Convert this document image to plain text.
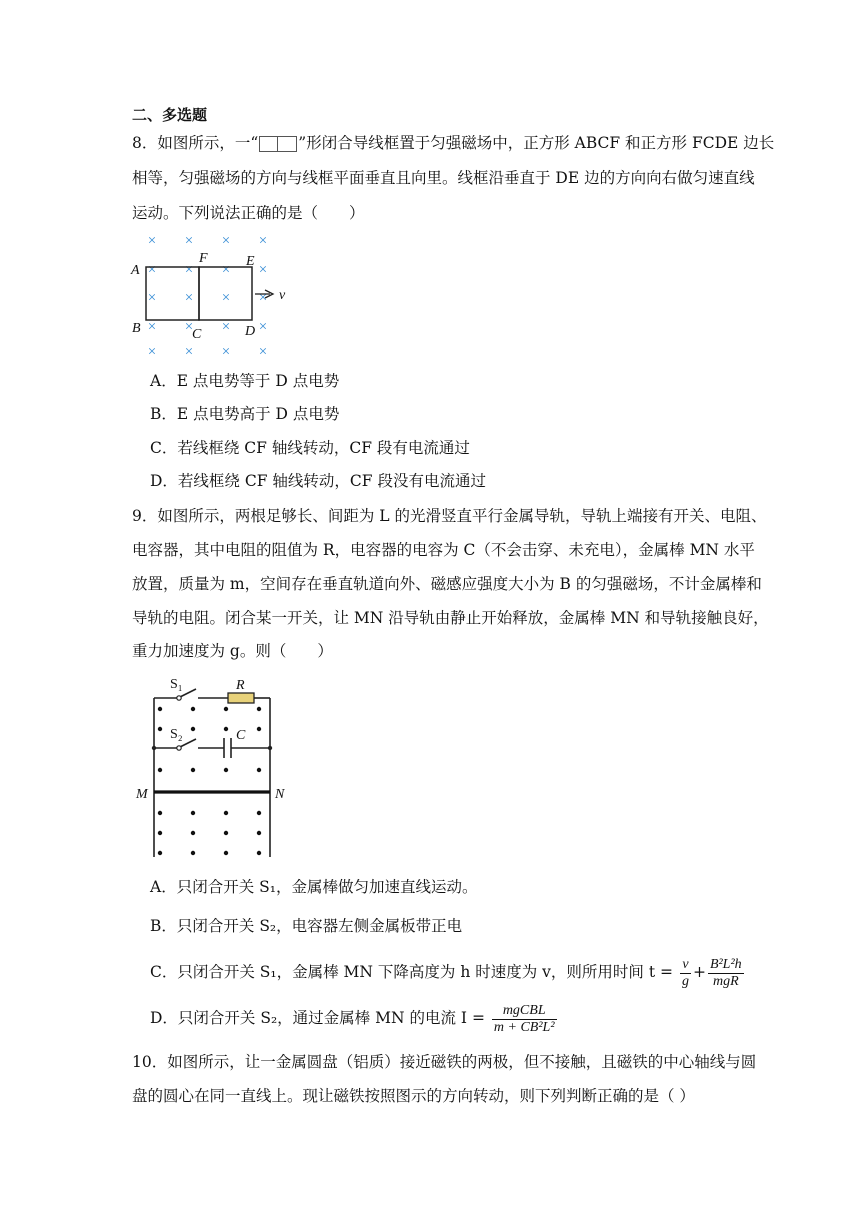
二、多选题
8．如图所示，一“	”形闭合导线框置于匀强磁场中，正方形 ABCF 和正方形 FCDE 边长
相等，匀强磁场的方向与线框平面垂直且向里。线框沿垂直于 DE 边的方向向右做匀速直线
运动。下列说法正确的是（　　）
× × × ×
× × × ×
× × × ×
× × × ×
× × × ×
A
B	C	D
E
F
v
A．E 点电势等于 D 点电势
B．E 点电势高于 D 点电势
C．若线框绕 CF 轴线转动，CF 段有电流通过
D．若线框绕 CF 轴线转动，CF 段没有电流通过
9．如图所示，两根足够长、间距为 L 的光滑竖直平行金属导轨，导轨上端接有开关、电阻、
电容器，其中电阻的阻值为 R，电容器的电容为 C（不会击穿、未充电），金属棒 MN 水平
放置，质量为 m，空间存在垂直轨道向外、磁感应强度大小为 B 的匀强磁场，不计金属棒和
导轨的电阻。闭合某一开关，让 MN 沿导轨由静止开始释放，金属棒 MN 和导轨接触良好，
重力加速度为 g。则（　　）
S₁	R
S₂	C
M	N
A．只闭合开关 S₁，金属棒做匀加速直线运动。
B．只闭合开关 S₂，电容器左侧金属板带正电
C．只闭合开关 S₁，金属棒 MN 下降高度为 h 时速度为 v，则所用时间 $t = \frac{v}{g} + \frac{\text{B²L²h}}{\text{mgR}}$
D．只闭合开关 S₂，通过金属棒 MN 的电流 $I = \frac{\text{mgCBL}}{\text{m + CB²L²}}$
10．如图所示，让一金属圆盘（铝质）接近磁铁的两极，但不接触，且磁铁的中心轴线与圆
盘的圆心在同一直线上。现让磁铁按照图示的方向转动，则下列判断正确的是（ ）
